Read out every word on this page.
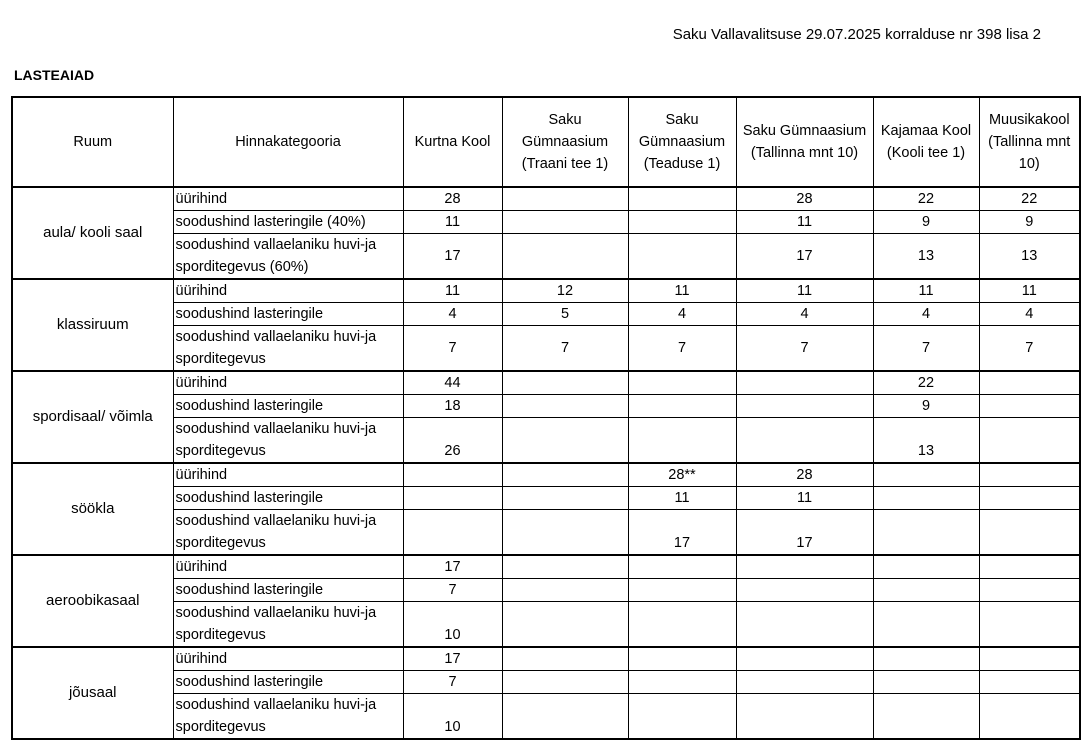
Saku Vallavalitsuse 29.07.2025 korralduse nr 398 lisa 2
LASTEAIAD
Ruum	Hinnakategooria	Kurtna Kool	Saku Gümnaasium (Traani tee 1)	Saku Gümnaasium (Teaduse 1)	Saku Gümnaasium (Tallinna mnt 10)	Kajamaa Kool (Kooli tee 1)	Muusikakool (Tallinna mnt 10)
aula/ kooli saal	üürihind	28			28	22	22
	soodushind lasteringile (40%)	11			11	9	9
	soodushind vallaelaniku huvi-ja
sporditegevus (60%)	17			17	13	13
klassiruum	üürihind	11	12	11	11	11	11
	soodushind lasteringile	4	5	4	4	4	4
	soodushind vallaelaniku huvi-ja
sporditegevus	7	7	7	7	7	7
spordisaal/ võimla	üürihind	44				22	
	soodushind lasteringile	18				9	
	soodushind vallaelaniku huvi-ja
sporditegevus	26				13	
söökla	üürihind			28**	28		
	soodushind lasteringile			11	11		
	soodushind vallaelaniku huvi-ja
sporditegevus			17	17		
aeroobikasaal	üürihind	17					
	soodushind lasteringile	7					
	soodushind vallaelaniku huvi-ja
sporditegevus	10					
jõusaal	üürihind	17					
	soodushind lasteringile	7					
	soodushind vallaelaniku huvi-ja
sporditegevus	10					
